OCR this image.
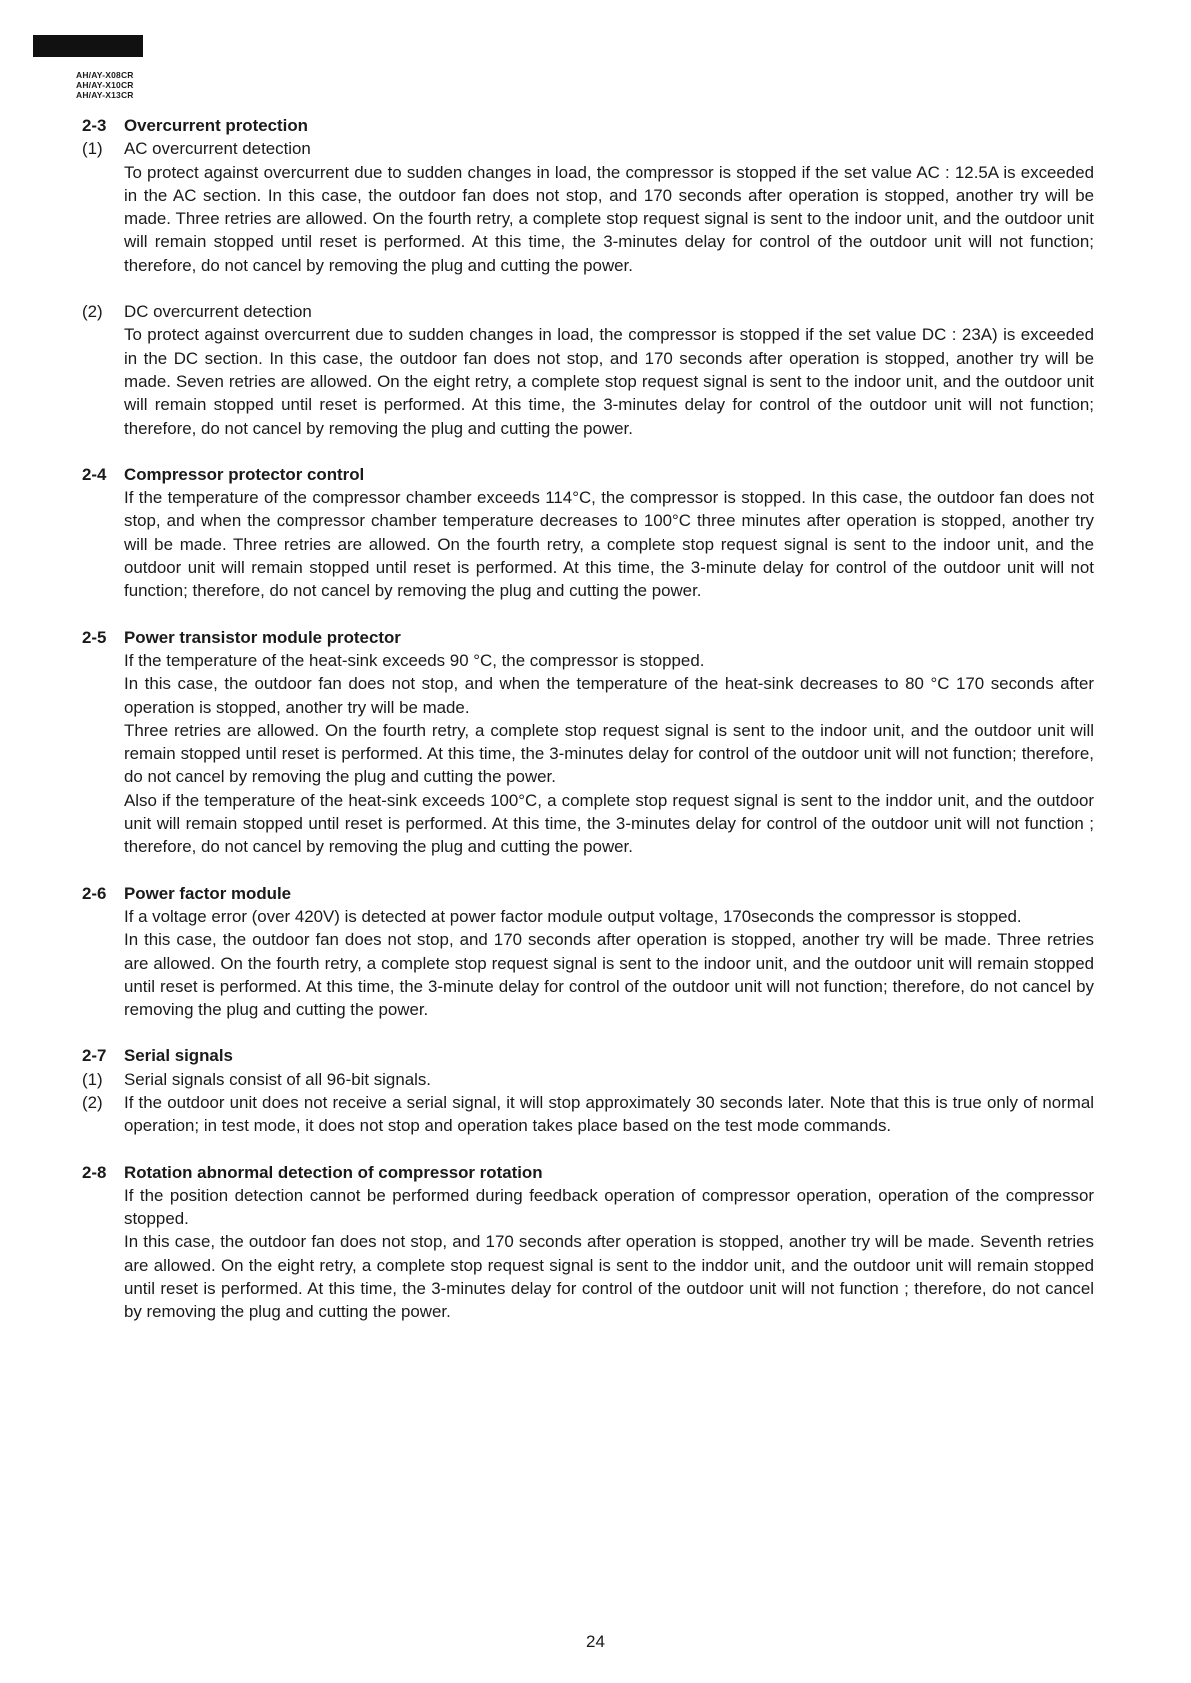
AH/AY-X08CR
AH/AY-X10CR
AH/AY-X13CR
2-3	Overcurrent protection
(1)	AC overcurrent detection
To protect against overcurrent due to sudden changes in load, the compressor is stopped if the set value AC : 12.5A is exceeded in the AC section. In this case, the outdoor fan does not stop, and 170 seconds after operation is stopped, another try will be made. Three retries are allowed. On the fourth retry, a complete stop request signal is sent to the indoor unit, and the outdoor unit will remain stopped until reset is performed. At this time, the 3-minutes delay for control of the outdoor unit will not function; therefore, do not cancel by removing the plug and cutting the power.
(2)	DC overcurrent detection
To protect against overcurrent due to sudden changes in load, the compressor is stopped if the set value DC : 23A) is exceeded in the DC section. In this case, the outdoor fan does not stop, and 170 seconds after operation is stopped, another try will be made. Seven retries are allowed. On the eight retry, a complete stop request signal is sent to the indoor unit, and the outdoor unit will remain stopped until reset is performed. At this time, the 3-minutes delay for control of the outdoor unit will not function; therefore, do not cancel by removing the plug and cutting the power.
2-4	Compressor protector control
If the temperature of the compressor chamber exceeds 114°C, the compressor is stopped. In this case, the outdoor fan does not stop, and when the compressor chamber temperature decreases to 100°C three minutes after operation is stopped, another try will be made. Three retries are allowed. On the fourth retry, a complete stop request signal is sent to the indoor unit, and the outdoor unit will remain stopped until reset is performed. At this time, the 3-minute delay for control of the outdoor unit will not function; therefore, do not cancel by removing the plug and cutting the power.
2-5	Power transistor module protector
If the temperature of the heat-sink exceeds 90 °C, the compressor is stopped.
In this case, the outdoor fan does not stop, and when the temperature of the heat-sink decreases to 80 °C 170 seconds after operation is stopped, another try will be made.
Three retries are allowed. On the fourth retry, a complete stop request signal is sent to the indoor unit, and the outdoor unit will remain stopped until reset is performed. At this time, the 3-minutes delay for control of the outdoor unit will not function; therefore, do not cancel by removing the plug and cutting the power.
Also if the temperature of the heat-sink exceeds 100°C, a complete stop request signal is sent to the inddor unit, and the outdoor unit will remain stopped until reset is performed. At this time, the 3-minutes delay for control of the outdoor unit will not function ; therefore, do not cancel by removing the plug and cutting the power.
2-6	Power factor module
If a voltage error (over 420V) is detected at power factor module output voltage, 170seconds the compressor is stopped.
In this case, the outdoor fan does not stop, and 170 seconds after operation is stopped, another try will be made. Three retries are allowed. On the fourth retry, a complete stop request signal is sent to the indoor unit, and the outdoor unit will remain stopped until reset is performed. At this time, the 3-minute delay for control of the outdoor unit will not function; therefore, do not cancel by removing the plug and cutting the power.
2-7	Serial signals
(1)	Serial signals consist of all 96-bit signals.
(2)	If the outdoor unit does not receive a serial signal, it will stop approximately 30 seconds later. Note that this is true only of normal operation; in test mode, it does not stop and operation takes place based on the test mode commands.
2-8	Rotation abnormal detection of compressor rotation
If the position detection cannot be performed during feedback operation of compressor operation, operation of the compressor stopped.
In this case, the outdoor fan does not stop, and 170 seconds after operation is stopped, another try will be made. Seventh retries are allowed. On the eight retry, a complete stop request signal is sent to the inddor unit, and the outdoor unit will remain stopped until reset is performed. At this time, the 3-minutes delay for control of the outdoor unit will not function ; therefore, do not cancel by removing the plug and cutting the power.
24
